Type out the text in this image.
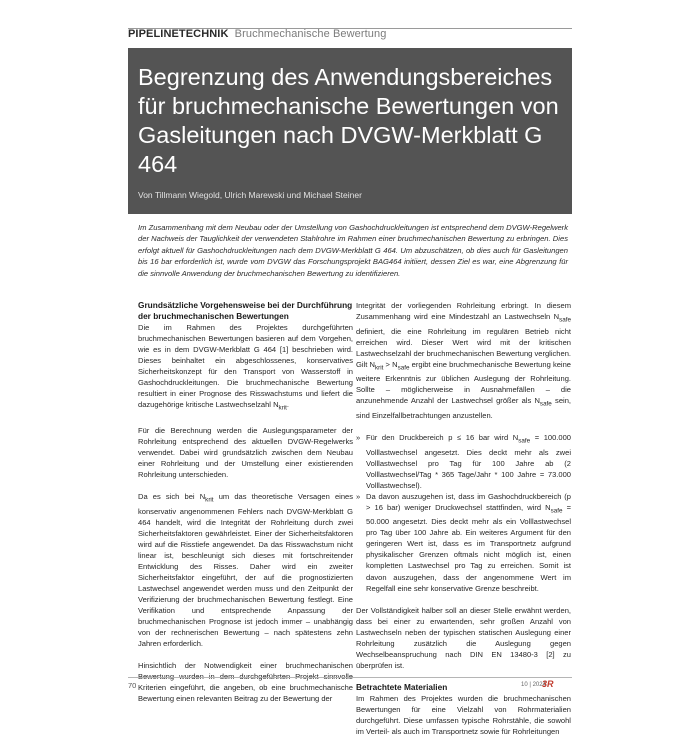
PIPELINETECHNIK Bruchmechanische Bewertung
Begrenzung des Anwendungsbereiches für bruchmechanische Bewertungen von Gasleitungen nach DVGW-Merkblatt G 464
Von Tillmann Wiegold, Ulrich Marewski und Michael Steiner

Im Zusammenhang mit dem Neubau oder der Umstellung von Gashochdruckleitungen ist entsprechend dem DVGW-Regelwerk der Nachweis der Tauglichkeit der verwendeten Stahlrohre im Rahmen einer bruchmechanischen Bewertung zu erbringen. Dies erfolgt aktuell für Gashochdruckleitungen nach dem DVGW-Merkblatt G 464. Um abzuschätzen, ob dies auch für Gasleitungen bis 16 bar erforderlich ist, wurde vom DVGW das Forschungsprojekt BAG464 initiiert, dessen Ziel es war, eine Abgrenzung für die sinnvolle Anwendung der bruchmechanischen Bewertung zu identifizieren.

Grundsätzliche Vorgehensweise bei der Durchführung der bruchmechanischen Bewertungen

Die im Rahmen des Projektes durchgeführten bruchmechanischen Bewertungen basieren auf dem Vorgehen, wie es in dem DVGW-Merkblatt G 464 [1] beschrieben wird. Dieses beinhaltet ein abgeschlossenes, konservatives Sicherheitskonzept für den Transport von Wasserstoff in Gashochdruckleitungen. Die bruchmechanische Bewertung resultiert in einer Prognose des Risswachstums und liefert die dazugehörige kritische Lastwechselzahl $N_{krit}$.

Für die Berechnung werden die Auslegungsparameter der Rohrleitung entsprechend des aktuellen DVGW-Regelwerks verwendet. Dabei wird grundsätzlich zwischen dem Neubau einer Rohrleitung und der Umstellung einer existierenden Rohrleitung unterschieden.

Da es sich bei $N_{krit}$ um das theoretische Versagen eines konservativ angenommenen Fehlers nach DVGW-Merkblatt G 464 handelt, wird die Integrität der Rohrleitung durch zwei Sicherheitsfaktoren gewährleistet. Einer der Sicherheitsfaktoren wird auf die Risstiefe angewendet. Da das Risswachstum nicht linear ist, beschleunigt sich dieses mit fortschreitender Entwicklung des Risses. Daher wird ein zweiter Sicherheitsfaktor eingeführt, der auf die prognostizierten Lastwechsel angewendet werden muss und den Zeitpunkt der Verifizierung der bruchmechanischen Bewertung festlegt. Eine Verifikation und entsprechende Anpassung der bruchmechanischen Prognose ist jedoch immer – unabhängig von der rechnerischen Bewertung – nach spätestens zehn Jahren erforderlich.

Hinsichtlich der Notwendigkeit einer bruchmechanischen Kriterien eingeführt, die angeben, ob eine bruchmechanische Bewertung einen relevanten Beitrag zu der Bewertung der

Integrität der vorliegenden Rohrleitung erbringt. In diesem Zusammenhang wird eine Mindestzahl an Lastwechseln $N_{safe}$ definiert, die eine Rohrleitung im regulären Betrieb nicht erreichen wird. Dieser Wert wird mit der kritischen Lastwechselzahl der bruchmechanischen Bewertung verglichen. Gilt $N_{krit} > N_{safe}$ ergibt eine bruchmechanische Bewertung keine weitere Erkenntnis zur üblichen Auslegung der Rohrleitung. Sollte – möglicherweise in Ausnahmefällen – die anzunehmende Anzahl der Lastwechsel größer als $N_{safe}$ sein, sind Einzelfallbetrachtungen anzustellen.

» Für den Druckbereich p ≤ 16 bar wird $N_{safe} = 100.000$ Volllastwechsel angesetzt. Dies deckt mehr als zwei Volllastwechsel pro Tag für 100 Jahre ab (2 Volllastwechsel/Tag * 365 Tage/Jahr * 100 Jahre = 73.000 Volllastwechsel).
» Da davon auszugehen ist, dass im Gashochdruckbereich (p > 16 bar) weniger Druckwechsel stattfinden, wird $N_{safe} = 50.000$ angesetzt. Dies deckt mehr als ein Volllastwechsel pro Tag über 100 Jahre ab. Ein weiteres Argument für den geringeren Wert ist, dass es im Transportnetz aufgrund physikalischer Grenzen oftmals nicht möglich ist, einen kompletten Lastwechsel pro Tag zu erreichen. Somit ist davon auszugehen, dass der angenommene Wert im Regelfall eine sehr konservative Grenze beschreibt.

Der Vollständigkeit halber soll an dieser Stelle erwähnt werden, dass bei einer zu erwartenden, sehr großen Anzahl von Lastwechseln neben der typischen statischen Auslegung einer Rohrleitung zusätzlich die Auslegung gegen Wechselbeanspruchung nach DIN EN 13480-3 [2] zu überprüfen ist.

Betrachtete Materialien

Im Rahmen des Projektes wurden die bruchmechanischen Bewertungen für eine Vielzahl von Rohrmaterialien durchgeführt. Diese umfassen typische Rohrstähle, die sowohl im Verteil- als auch im Transportnetz sowie für Rohrleitungen

70	10 | 2024
3R
